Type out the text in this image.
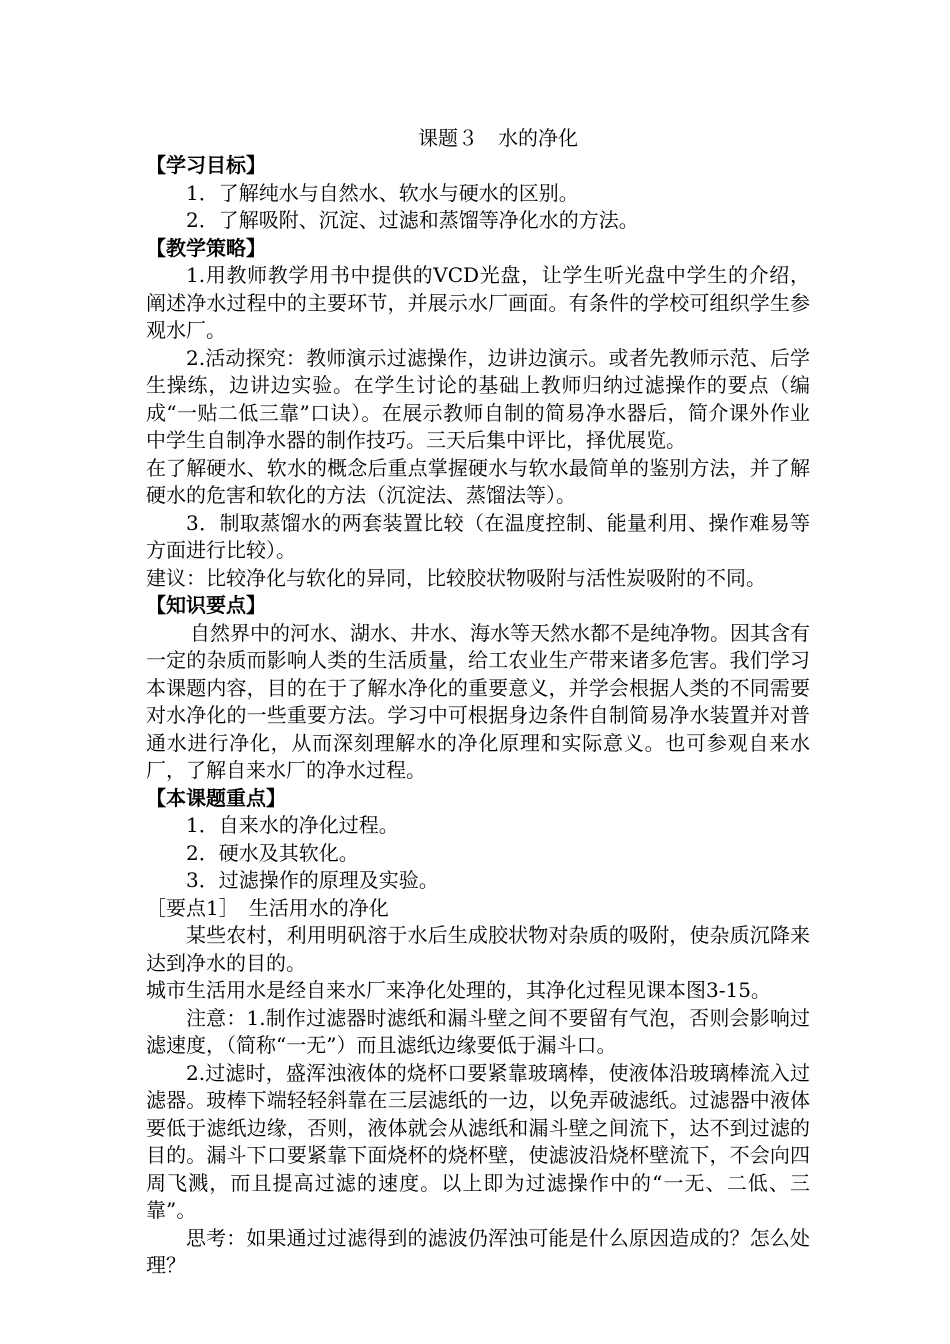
课题３　水的净化

【学习目标】

1．了解纯水与自然水、软水与硬水的区别。

2．了解吸附、沉淀、过滤和蒸馏等净化水的方法。

【教学策略】

1.用教师教学用书中提供的VCD光盘，让学生听光盘中学生的介绍，阐述净水过程中的主要环节，并展示水厂画面。有条件的学校可组织学生参观水厂。

2.活动探究：教师演示过滤操作，边讲边演示。或者先教师示范、后学生操练，边讲边实验。在学生讨论的基础上教师归纳过滤操作的要点（编成“一贴二低三靠”口诀）。在展示教师自制的简易净水器后，简介课外作业中学生自制净水器的制作技巧。三天后集中评比，择优展览。

在了解硬水、软水的概念后重点掌握硬水与软水最简单的鉴别方法，并了解硬水的危害和软化的方法（沉淀法、蒸馏法等）。

3．制取蒸馏水的两套装置比较（在温度控制、能量利用、操作难易等方面进行比较）。

建议：比较净化与软化的异同，比较胶状物吸附与活性炭吸附的不同。

【知识要点】

自然界中的河水、湖水、井水、海水等天然水都不是纯净物。因其含有一定的杂质而影响人类的生活质量，给工农业生产带来诸多危害。我们学习本课题内容，目的在于了解水净化的重要意义，并学会根据人类的不同需要对水净化的一些重要方法。学习中可根据身边条件自制简易净水装置并对普通水进行净化，从而深刻理解水的净化原理和实际意义。也可参观自来水厂，了解自来水厂的净水过程。

【本课题重点】

1．自来水的净化过程。

2．硬水及其软化。

3．过滤操作的原理及实验。

［要点1］　生活用水的净化

某些农村，利用明矾溶于水后生成胶状物对杂质的吸附，使杂质沉降来达到净水的目的。

城市生活用水是经自来水厂来净化处理的，其净化过程见课本图3-15。

注意：1.制作过滤器时滤纸和漏斗壁之间不要留有气泡，否则会影响过滤速度，（简称“一无”）而且滤纸边缘要低于漏斗口。

2.过滤时，盛浑浊液体的烧杯口要紧靠玻璃棒，使液体沿玻璃棒流入过滤器。玻棒下端轻轻斜靠在三层滤纸的一边，以免弄破滤纸。过滤器中液体要低于滤纸边缘，否则，液体就会从滤纸和漏斗壁之间流下，达不到过滤的目的。漏斗下口要紧靠下面烧杯的烧杯壁，使滤波沿烧杯壁流下，不会向四周飞溅，而且提高过滤的速度。以上即为过滤操作中的“一无、二低、三靠”。

思考：如果通过过滤得到的滤波仍浑浊可能是什么原因造成的？怎么处理？
